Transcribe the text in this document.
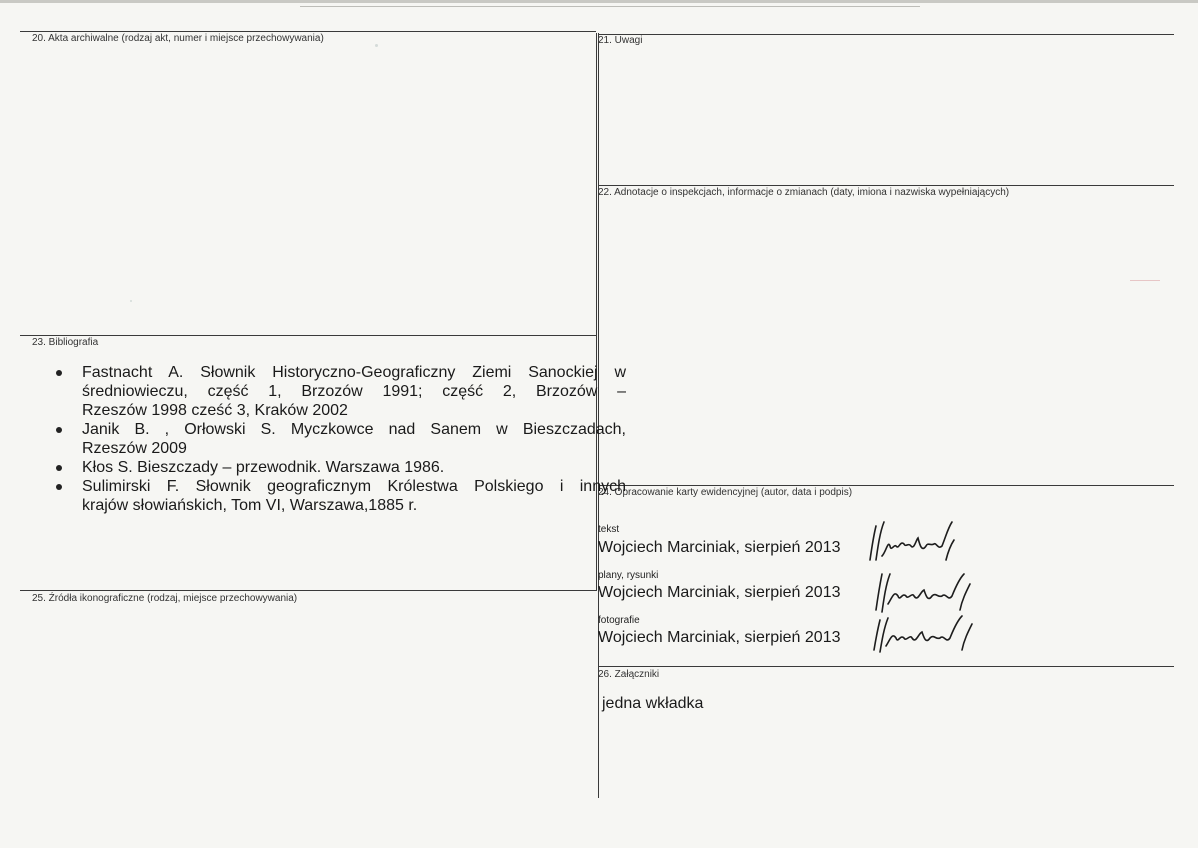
20. Akta archiwalne (rodzaj akt, numer i miejsce przechowywania)	21. Uwagi
22. Adnotacje o inspekcjach, informacje o zmianach (daty, imiona i nazwiska wypełniających)
23. Bibliografia
24. Opracowanie karty ewidencyjnej (autor, data i podpis)
25. Źródła ikonograficzne (rodzaj, miejsce przechowywania)
26. Załączniki
Fastnacht A. Słownik Historyczno-Geograficzny Ziemi Sanockiej w
średniowieczu, część 1, Brzozów 1991; część 2, Brzozów –
Rzeszów 1998 cześć 3, Kraków 2002
Janik B. , Orłowski S. Myczkowce nad Sanem w Bieszczadach,
Rzeszów 2009
Kłos S. Bieszczady – przewodnik. Warszawa 1986.
Sulimirski F. Słownik geograficznym Królestwa Polskiego i innych
krajów słowiańskich, Tom VI, Warszawa,1885 r.
tekst
Wojciech Marciniak, sierpień 2013
plany, rysunki
Wojciech Marciniak, sierpień 2013
fotografie
Wojciech Marciniak, sierpień 2013
jedna wkładka
